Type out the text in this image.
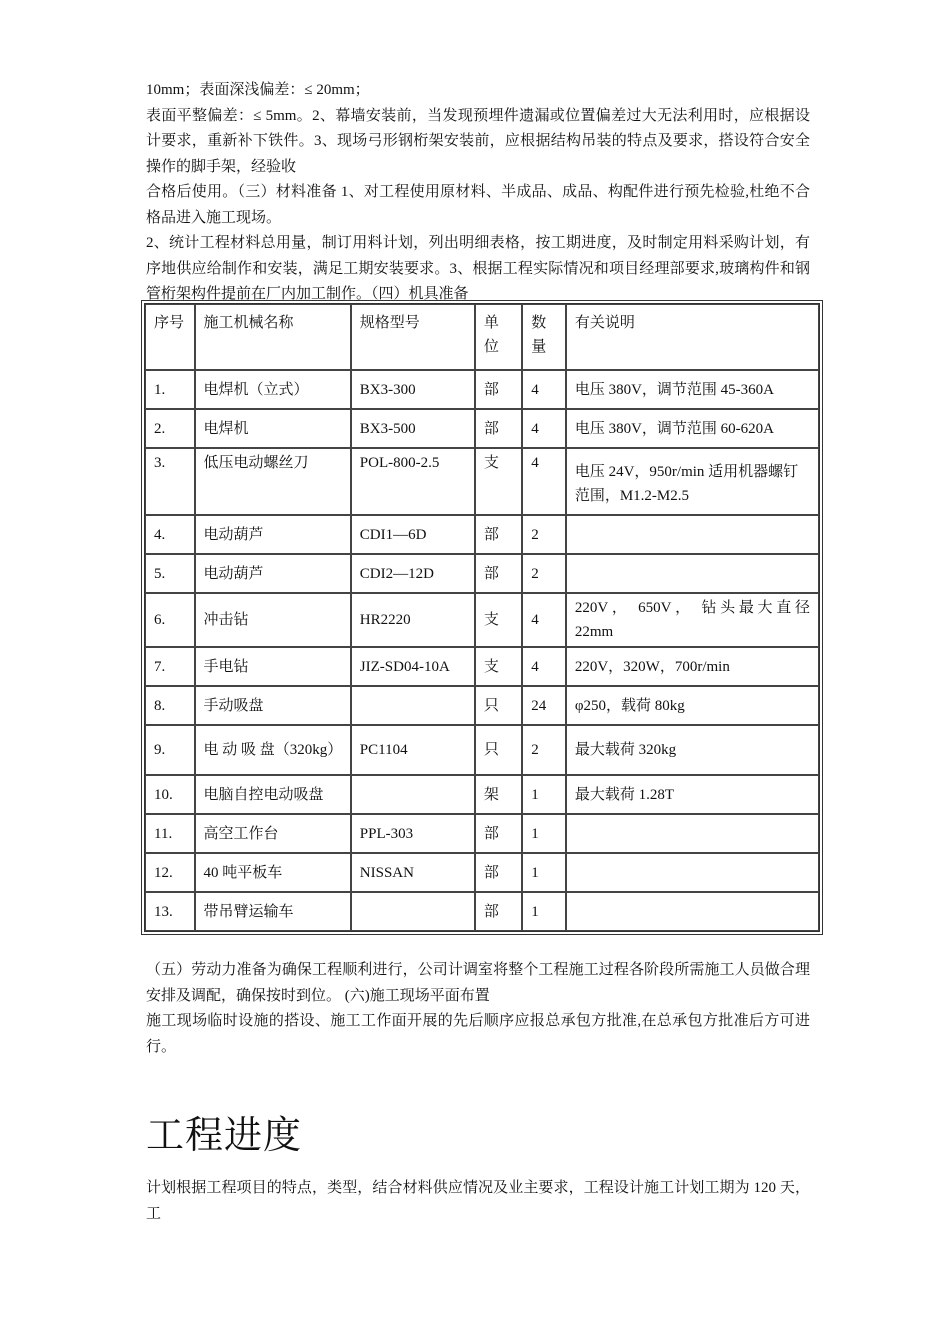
10mm；表面深浅偏差：≤ 20mm；

表面平整偏差：≤ 5mm。2、幕墙安装前，当发现预埋件遗漏或位置偏差过大无法利用时，应根据设计要求，重新补下铁件。3、现场弓形钢桁架安装前，应根据结构吊装的特点及要求，搭设符合安全操作的脚手架，经验收

合格后使用。（三）材料准备 1、对工程使用原材料、半成品、成品、构配件进行预先检验,杜绝不合格品进入施工现场。

2、统计工程材料总用量，制订用料计划，列出明细表格，按工期进度，及时制定用料采购计划，有序地供应给制作和安装，满足工期安装要求。3、根据工程实际情况和项目经理部要求,玻璃构件和钢管桁架构件提前在厂内加工制作。（四）机具准备

序号	施工机械名称	规格型号	单位	数量	有关说明
1.	电焊机（立式）	BX3-300	部	4	电压 380V，调节范围 45-360A
2.	电焊机	BX3-500	部	4	电压 380V，调节范围 60-620A
3.	低压电动螺丝刀	POL-800-2.5	支	4	电压 24V，950r/min 适用机器螺钉范围，M1.2-M2.5
4.	电动葫芦	CDI1—6D	部	2	
5.	电动葫芦	CDI2—12D	部	2	
6.	冲击钻	HR2220	支	4	220V， 650V， 钻头最大直径 22mm
7.	手电钻	JIZ-SD04-10A	支	4	220V，320W，700r/min
8.	手动吸盘		只	24	φ250，载荷 80kg
9.	电 动 吸 盘（320kg）	PC1104	只	2	最大载荷 320kg
10.	电脑自控电动吸盘		架	1	最大载荷 1.28T
11.	高空工作台	PPL-303	部	1	
12.	40 吨平板车	NISSAN	部	1	
13.	带吊臂运输车		部	1	

（五）劳动力准备为确保工程顺利进行，公司计调室将整个工程施工过程各阶段所需施工人员做合理安排及调配，确保按时到位。 (六)施工现场平面布置

施工现场临时设施的搭设、施工工作面开展的先后顺序应报总承包方批准,在总承包方批准后方可进行。

工程进度

计划根据工程项目的特点，类型，结合材料供应情况及业主要求，工程设计施工计划工期为 120 天，工
